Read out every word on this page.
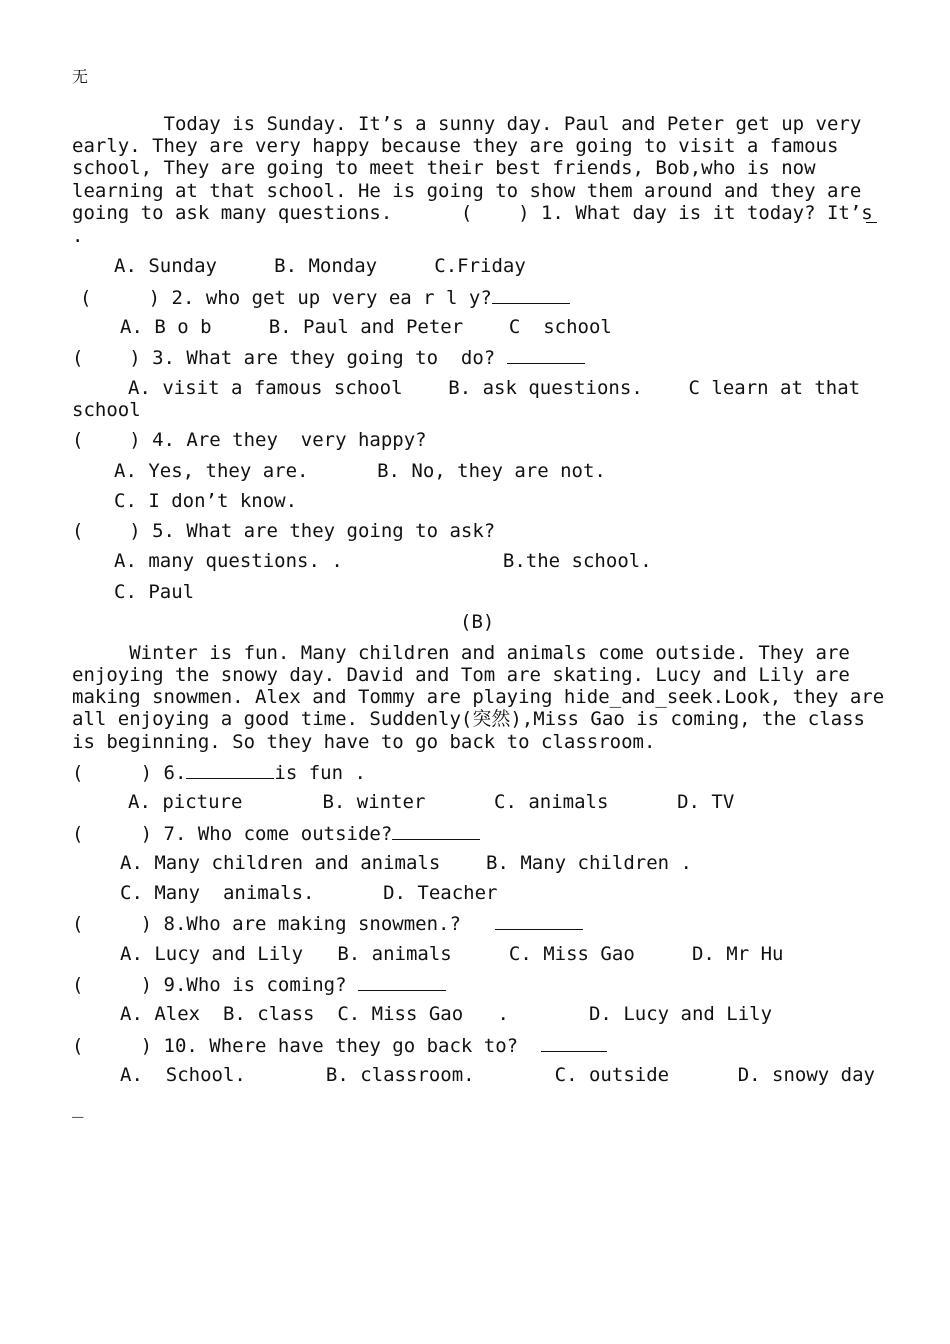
无
Today is Sunday. It’s a sunny day. Paul and Peter get up very
early. They are very happy because they are going to visit a famous
school, They are going to meet their best friends, Bob,who is now
learning at that school. He is going to show them around and they are
going to ask many questions.      (    ) 1. What day is it today? It’s
.
A. Sunday     B. Monday     C.Friday
(     ) 2. who get up very ea r l y?
A. B o b     B. Paul and Peter    C  school
(    ) 3. What are they going to  do?
A. visit a famous school    B. ask questions.    C learn at that
school
(    ) 4. Are they  very happy?
A. Yes, they are.      B. No, they are not.
C. I don’t know.
(    ) 5. What are they going to ask?
A. many questions. .              B.the school.
C. Paul
(B)
Winter is fun. Many children and animals come outside. They are
enjoying the snowy day. David and Tom are skating. Lucy and Lily are
making snowmen. Alex and Tommy are playing hide_and_seek.Look, they are
all enjoying a good time. Suddenly(突然),Miss Gao is coming, the class
is beginning. So they have to go back to classroom.
(     ) 6.	is fun .
A. picture       B. winter      C. animals      D. TV
(     ) 7. Who come outside?
A. Many children and animals    B. Many children .
C. Many  animals.      D. Teacher
(     ) 8.Who are making snowmen.?
A. Lucy and Lily   B. animals     C. Miss Gao     D. Mr Hu
(     ) 9.Who is coming?
A. Alex  B. class  C. Miss Gao   .       D. Lucy and Lily
(     ) 10. Where have they go back to?
A.  School.       B. classroom.       C. outside      D. snowy day
_
